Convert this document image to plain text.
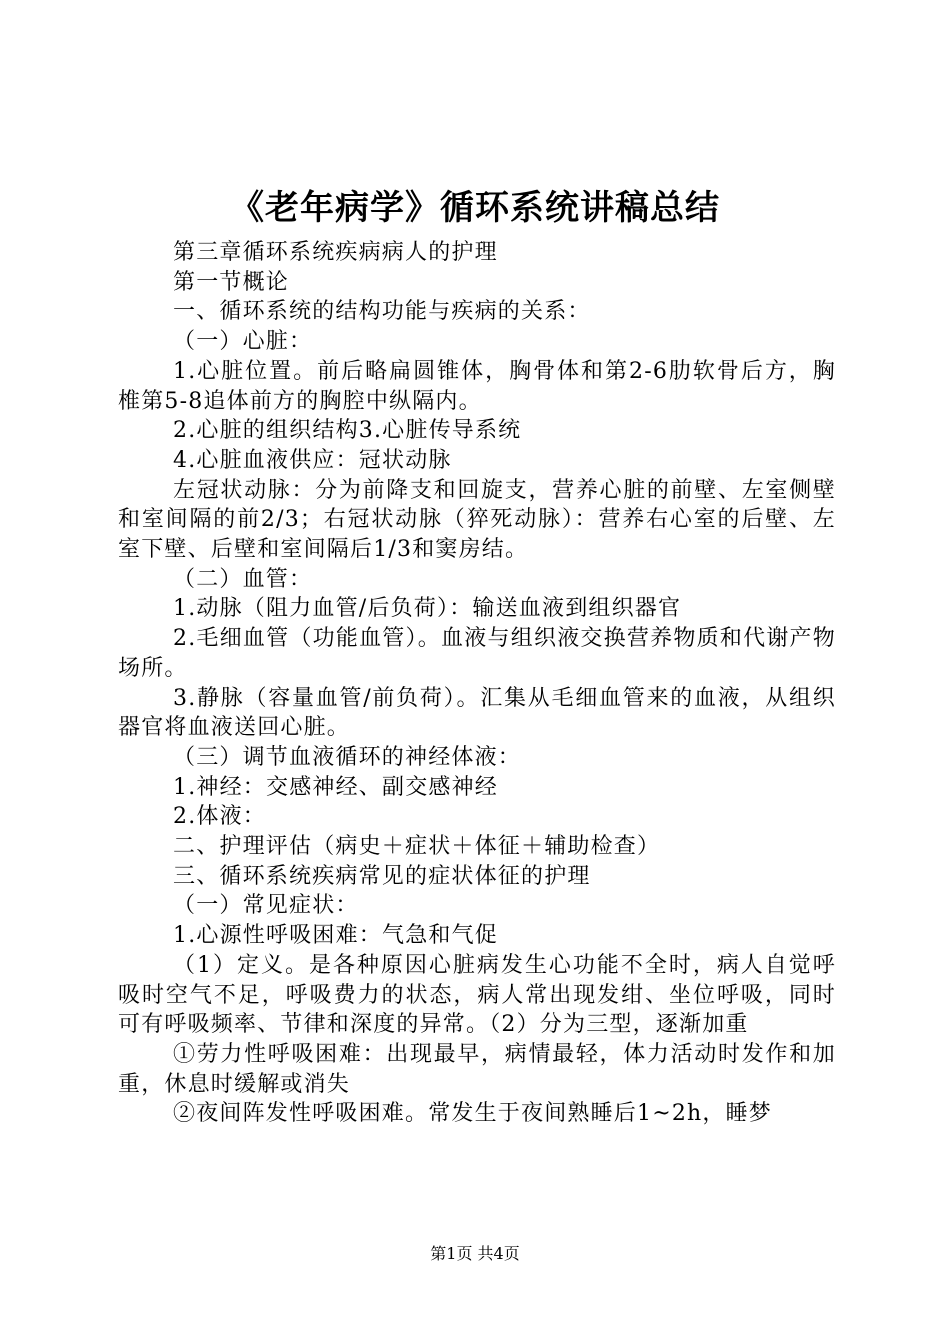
《老年病学》循环系统讲稿总结

第三章循环系统疾病病人的护理

第一节概论

一、循环系统的结构功能与疾病的关系：

（一）心脏：

1.心脏位置。前后略扁圆锥体，胸骨体和第2-6肋软骨后方，胸椎第5-8追体前方的胸腔中纵隔内。

2.心脏的组织结构3.心脏传导系统

4.心脏血液供应：冠状动脉

左冠状动脉：分为前降支和回旋支，营养心脏的前壁、左室侧壁和室间隔的前2/3；右冠状动脉（猝死动脉）：营养右心室的后壁、左室下壁、后壁和室间隔后1/3和窦房结。

（二）血管：

1.动脉（阻力血管/后负荷）：输送血液到组织器官

2.毛细血管（功能血管）。血液与组织液交换营养物质和代谢产物场所。

3.静脉（容量血管/前负荷）。汇集从毛细血管来的血液，从组织器官将血液送回心脏。

（三）调节血液循环的神经体液：

1.神经：交感神经、副交感神经

2.体液：

二、护理评估（病史＋症状＋体征＋辅助检查）

三、循环系统疾病常见的症状体征的护理

（一）常见症状：

1.心源性呼吸困难：气急和气促

（1）定义。是各种原因心脏病发生心功能不全时，病人自觉呼吸时空气不足，呼吸费力的状态，病人常出现发绀、坐位呼吸，同时可有呼吸频率、节律和深度的异常。（2）分为三型，逐渐加重

①劳力性呼吸困难：出现最早，病情最轻，体力活动时发作和加重，休息时缓解或消失

②夜间阵发性呼吸困难。常发生于夜间熟睡后1~2h，睡梦

第1页 共4页
